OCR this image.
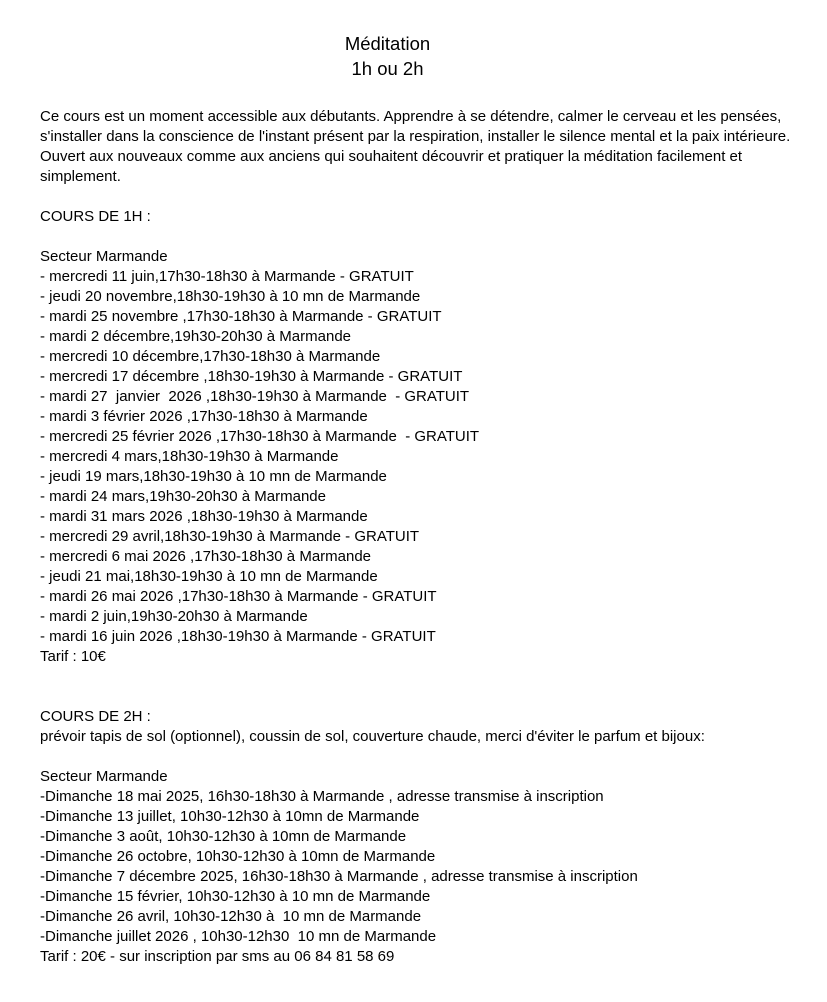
Méditation
1h ou 2h

Ce cours est un moment accessible aux débutants. Apprendre à se détendre, calmer le cerveau et les pensées, s'installer dans la conscience de l'instant présent par la respiration, installer le silence mental et la paix intérieure.

Ouvert aux nouveaux comme aux anciens qui souhaitent découvrir et pratiquer la méditation facilement et simplement.

COURS DE 1H :
Secteur Marmande
- mercredi 11 juin,17h30-18h30 à Marmande - GRATUIT
- jeudi 20 novembre,18h30-19h30 à 10 mn de Marmande
- mardi 25 novembre ,17h30-18h30 à Marmande - GRATUIT
- mardi 2 décembre,19h30-20h30 à Marmande
- mercredi 10 décembre,17h30-18h30 à Marmande
- mercredi 17 décembre ,18h30-19h30 à Marmande - GRATUIT
- mardi 27  janvier  2026 ,18h30-19h30 à Marmande  - GRATUIT
- mardi 3 février 2026 ,17h30-18h30 à Marmande
- mercredi 25 février 2026 ,17h30-18h30 à Marmande  - GRATUIT
- mercredi 4 mars,18h30-19h30 à Marmande
- jeudi 19 mars,18h30-19h30 à 10 mn de Marmande
- mardi 24 mars,19h30-20h30 à Marmande
- mardi 31 mars 2026 ,18h30-19h30 à Marmande
- mercredi 29 avril,18h30-19h30 à Marmande - GRATUIT
- mercredi 6 mai 2026 ,17h30-18h30 à Marmande
- jeudi 21 mai,18h30-19h30 à 10 mn de Marmande
- mardi 26 mai 2026 ,17h30-18h30 à Marmande - GRATUIT
- mardi 2 juin,19h30-20h30 à Marmande
- mardi 16 juin 2026 ,18h30-19h30 à Marmande - GRATUIT
Tarif : 10€
COURS DE 2H :
prévoir tapis de sol (optionnel), coussin de sol, couverture chaude, merci d'éviter le parfum et bijoux:
Secteur Marmande
-Dimanche 18 mai 2025, 16h30-18h30 à Marmande , adresse transmise à inscription
-Dimanche 13 juillet, 10h30-12h30 à 10mn de Marmande
-Dimanche 3 août, 10h30-12h30 à 10mn de Marmande
-Dimanche 26 octobre, 10h30-12h30 à 10mn de Marmande
-Dimanche 7 décembre 2025, 16h30-18h30 à Marmande , adresse transmise à inscription
-Dimanche 15 février, 10h30-12h30 à 10 mn de Marmande
-Dimanche 26 avril, 10h30-12h30 à  10 mn de Marmande
-Dimanche juillet 2026 , 10h30-12h30  10 mn de Marmande
Tarif : 20€ - sur inscription par sms au 06 84 81 58 69
